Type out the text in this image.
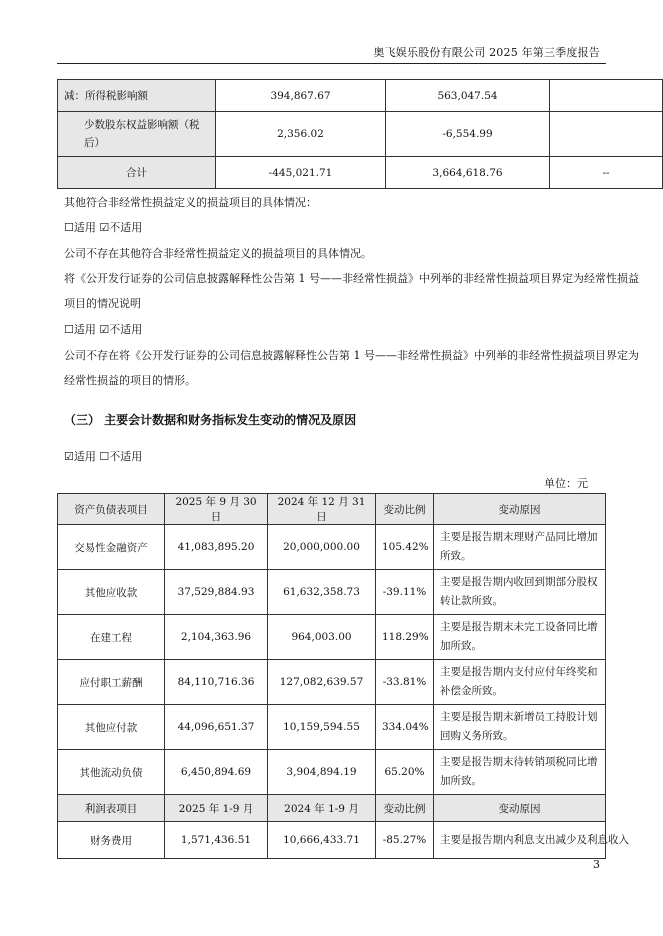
奥飞娱乐股份有限公司 2025 年第三季度报告
减：所得税影响额	394,867.67	563,047.54	
少数股东权益影响额（税后）	2,356.02	-6,554.99	
合计	-445,021.71	3,664,618.76	--
其他符合非经常性损益定义的损益项目的具体情况：
☐适用 ☑不适用
公司不存在其他符合非经常性损益定义的损益项目的具体情况。
将《公开发行证券的公司信息披露解释性公告第 1 号——非经常性损益》中列举的非经常性损益项目界定为经常性损益
项目的情况说明
☐适用 ☑不适用
公司不存在将《公开发行证券的公司信息披露解释性公告第 1 号——非经常性损益》中列举的非经常性损益项目界定为
经常性损益的项目的情形。
（三） 主要会计数据和财务指标发生变动的情况及原因
☑适用 ☐不适用
单位：元
资产负债表项目	2025 年 9 月 30 日	2024 年 12 月 31 日	变动比例	变动原因
交易性金融资产	41,083,895.20	20,000,000.00	105.42%	主要是报告期末理财产品同比增加所致。
其他应收款	37,529,884.93	61,632,358.73	-39.11%	主要是报告期内收回到期部分股权转让款所致。
在建工程	2,104,363.96	964,003.00	118.29%	主要是报告期末未完工设备同比增加所致。
应付职工薪酬	84,110,716.36	127,082,639.57	-33.81%	主要是报告期内支付应付年终奖和补偿金所致。
其他应付款	44,096,651.37	10,159,594.55	334.04%	主要是报告期末新增员工持股计划回购义务所致。
其他流动负债	6,450,894.69	3,904,894.19	65.20%	主要是报告期末待转销项税同比增加所致。
利润表项目	2025 年 1-9 月	2024 年 1-9 月	变动比例	变动原因
财务费用	1,571,436.51	10,666,433.71	-85.27%	主要是报告期内利息支出减少及利息收入
3
